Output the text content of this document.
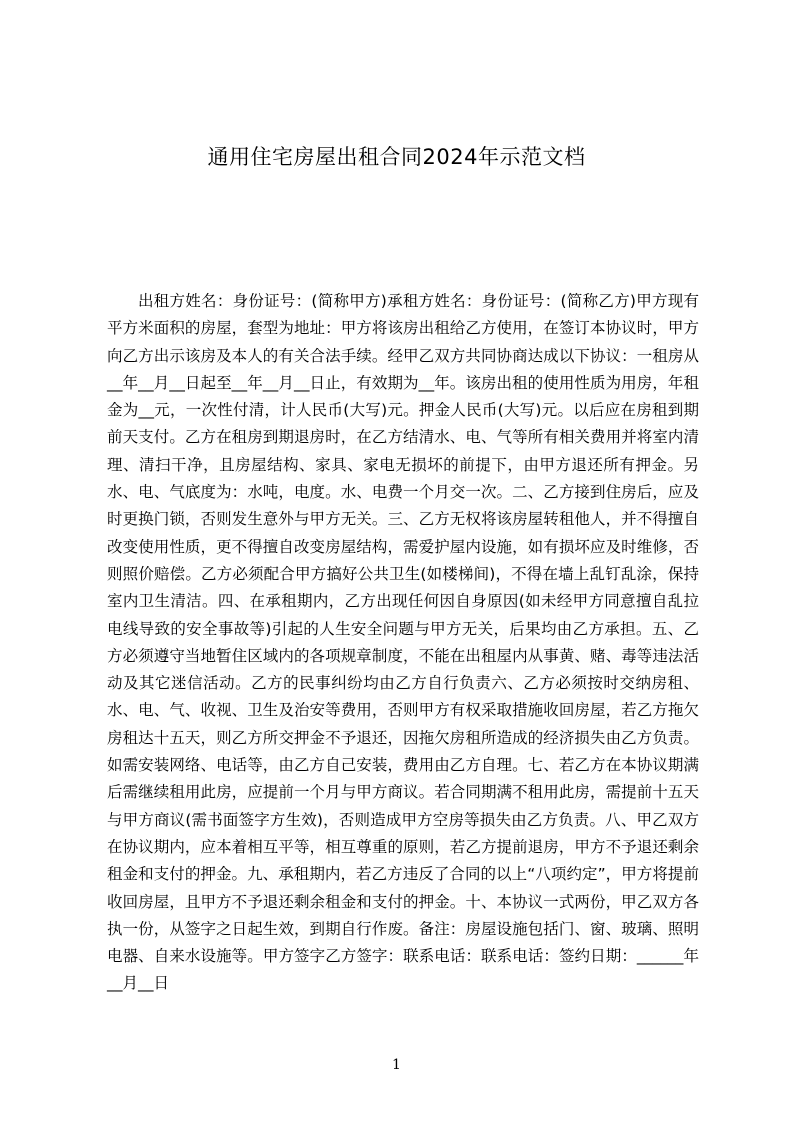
通用住宅房屋出租合同2024年示范文档

出租方姓名：身份证号：(简称甲方)承租方姓名：身份证号：(简称乙方)甲方现有平方米面积的房屋，套型为地址：甲方将该房出租给乙方使用，在签订本协议时，甲方向乙方出示该房及本人的有关合法手续。经甲乙双方共同协商达成以下协议：一租房从__年__月__日起至__年__月__日止，有效期为__年。该房出租的使用性质为用房，年租金为__元，一次性付清，计人民币(大写)元。押金人民币(大写)元。以后应在房租到期前天支付。乙方在租房到期退房时，在乙方结清水、电、气等所有相关费用并将室内清理、清扫干净，且房屋结构、家具、家电无损坏的前提下，由甲方退还所有押金。另水、电、气底度为：水吨，电度。水、电费一个月交一次。二、乙方接到住房后，应及时更换门锁，否则发生意外与甲方无关。三、乙方无权将该房屋转租他人，并不得擅自改变使用性质，更不得擅自改变房屋结构，需爱护屋内设施，如有损坏应及时维修，否则照价赔偿。乙方必须配合甲方搞好公共卫生(如楼梯间)，不得在墙上乱钉乱涂，保持室内卫生清洁。四、在承租期内，乙方出现任何因自身原因(如未经甲方同意擅自乱拉电线导致的安全事故等)引起的人生安全问题与甲方无关，后果均由乙方承担。五、乙方必须遵守当地暂住区域内的各项规章制度，不能在出租屋内从事黄、赌、毒等违法活动及其它迷信活动。乙方的民事纠纷均由乙方自行负责六、乙方必须按时交纳房租、水、电、气、收视、卫生及治安等费用，否则甲方有权采取措施收回房屋，若乙方拖欠房租达十五天，则乙方所交押金不予退还，因拖欠房租所造成的经济损失由乙方负责。如需安装网络、电话等，由乙方自己安装，费用由乙方自理。七、若乙方在本协议期满后需继续租用此房，应提前一个月与甲方商议。若合同期满不租用此房，需提前十五天与甲方商议(需书面签字方生效)，否则造成甲方空房等损失由乙方负责。八、甲乙双方在协议期内，应本着相互平等，相互尊重的原则，若乙方提前退房，甲方不予退还剩余租金和支付的押金。九、承租期内，若乙方违反了合同的以上“八项约定”，甲方将提前收回房屋，且甲方不予退还剩余租金和支付的押金。十、本协议一式两份，甲乙双方各执一份，从签字之日起生效，到期自行作废。备注：房屋设施包括门、窗、玻璃、照明电器、自来水设施等。甲方签字乙方签字：联系电话：联系电话：签约日期：______年__月__日

1
